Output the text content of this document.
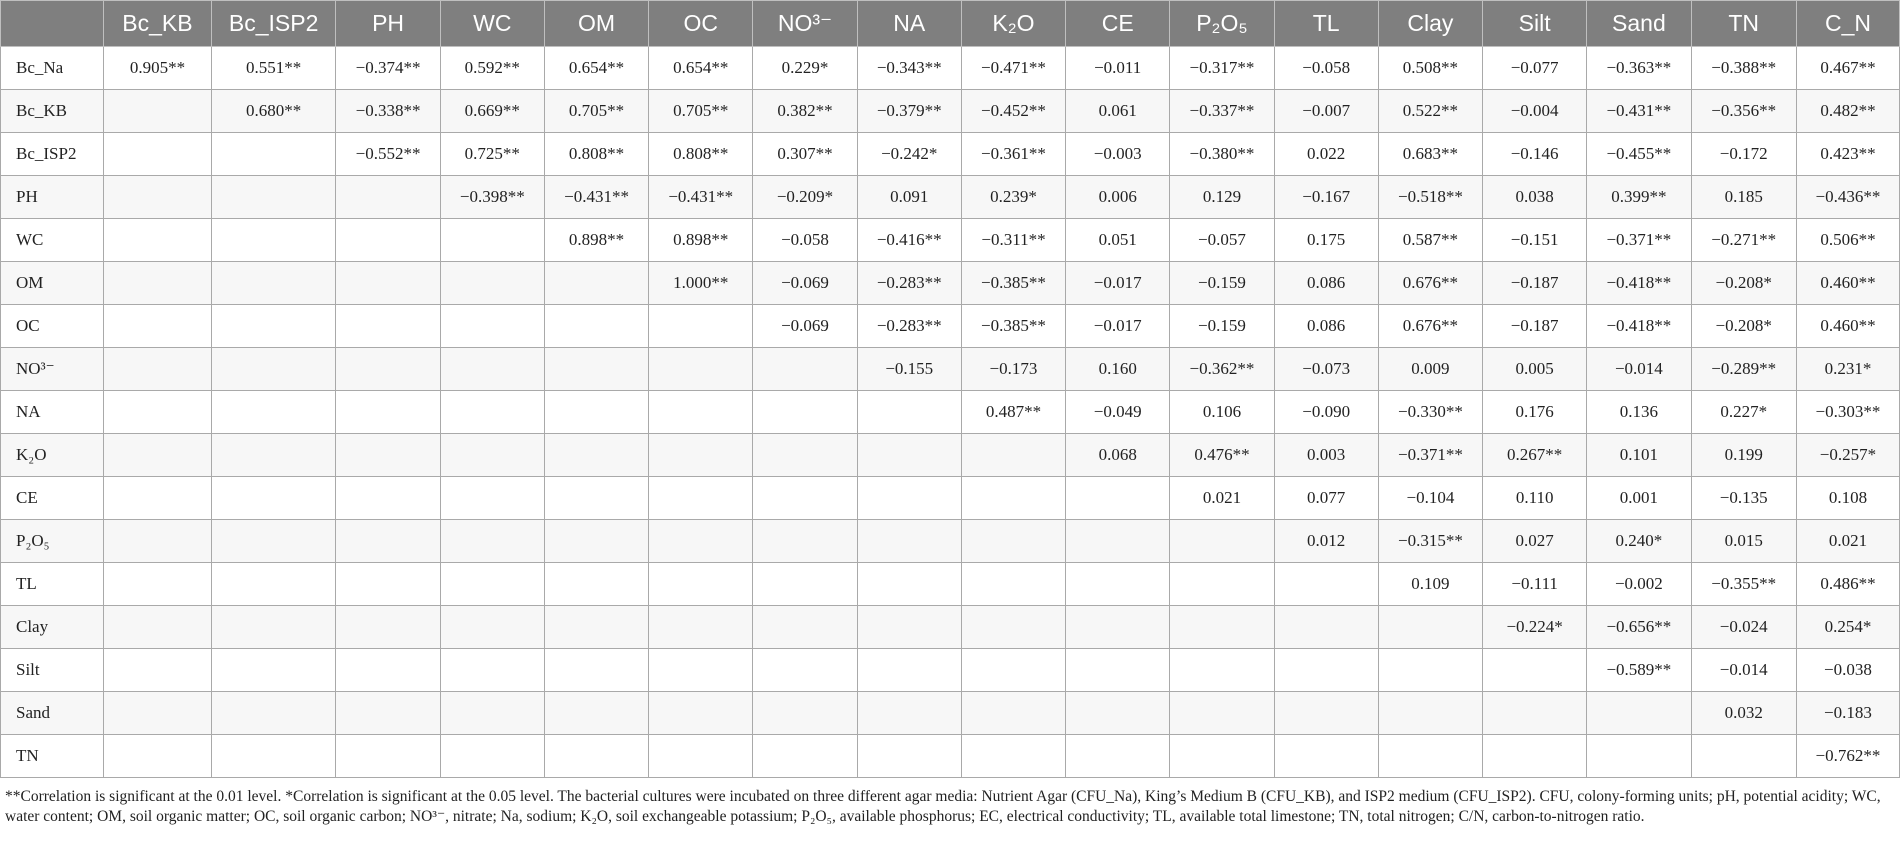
	Bc_KB	Bc_ISP2	PH	WC	OM	OC	NO³⁻	NA	K₂O	CE	P₂O₅	TL	Clay	Silt	Sand	TN	C_N
Bc_Na	0.905**	0.551**	−0.374**	0.592**	0.654**	0.654**	0.229*	−0.343**	−0.471**	−0.011	−0.317**	−0.058	0.508**	−0.077	−0.363**	−0.388**	0.467**
Bc_KB		0.680**	−0.338**	0.669**	0.705**	0.705**	0.382**	−0.379**	−0.452**	0.061	−0.337**	−0.007	0.522**	−0.004	−0.431**	−0.356**	0.482**
Bc_ISP2			−0.552**	0.725**	0.808**	0.808**	0.307**	−0.242*	−0.361**	−0.003	−0.380**	0.022	0.683**	−0.146	−0.455**	−0.172	0.423**
PH				−0.398**	−0.431**	−0.431**	−0.209*	0.091	0.239*	0.006	0.129	−0.167	−0.518**	0.038	0.399**	0.185	−0.436**
WC					0.898**	0.898**	−0.058	−0.416**	−0.311**	0.051	−0.057	0.175	0.587**	−0.151	−0.371**	−0.271**	0.506**
OM						1.000**	−0.069	−0.283**	−0.385**	−0.017	−0.159	0.086	0.676**	−0.187	−0.418**	−0.208*	0.460**
OC							−0.069	−0.283**	−0.385**	−0.017	−0.159	0.086	0.676**	−0.187	−0.418**	−0.208*	0.460**
NO³⁻								−0.155	−0.173	0.160	−0.362**	−0.073	0.009	0.005	−0.014	−0.289**	0.231*
NA									0.487**	−0.049	0.106	−0.090	−0.330**	0.176	0.136	0.227*	−0.303**
K₂O										0.068	0.476**	0.003	−0.371**	0.267**	0.101	0.199	−0.257*
CE											0.021	0.077	−0.104	0.110	0.001	−0.135	0.108
P₂O₅												0.012	−0.315**	0.027	0.240*	0.015	0.021
TL													0.109	−0.111	−0.002	−0.355**	0.486**
Clay														−0.224*	−0.656**	−0.024	0.254*
Silt															−0.589**	−0.014	−0.038
Sand																0.032	−0.183
TN																	−0.762**

**Correlation is significant at the 0.01 level. *Correlation is significant at the 0.05 level. The bacterial cultures were incubated on three different agar media: Nutrient Agar (CFU_Na), King’s Medium B (CFU_KB), and ISP2 medium (CFU_ISP2). CFU, colony-forming units; pH, potential acidity; WC, water content; OM, soil organic matter; OC, soil organic carbon; NO³⁻, nitrate; Na, sodium; K₂O, soil exchangeable potassium; P₂O₅, available phosphorus; EC, electrical conductivity; TL, available total limestone; TN, total nitrogen; C/N, carbon-to-nitrogen ratio.
